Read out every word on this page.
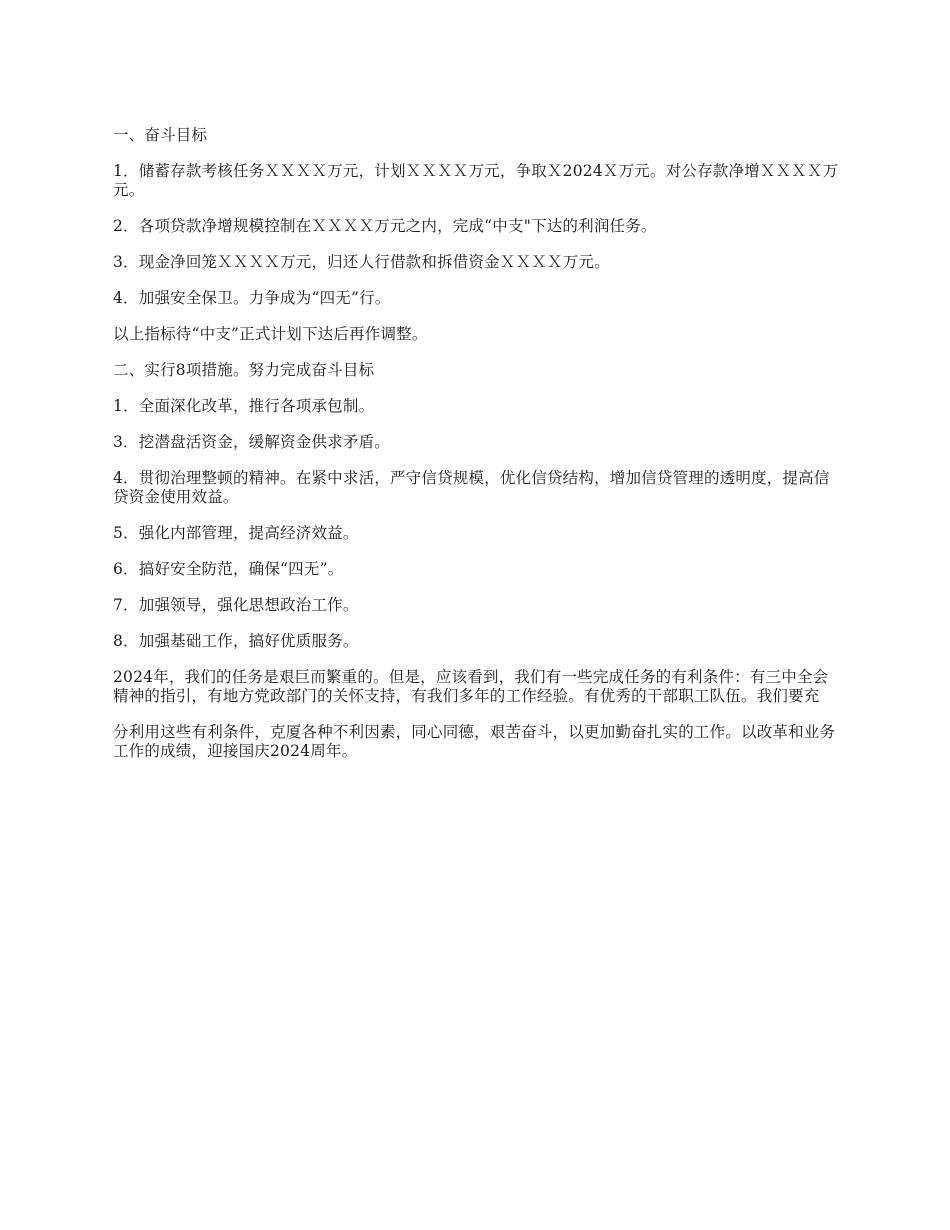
一、奋斗目标

1．储蓄存款考核任务ＸＸＸＸ万元，计划ＸＸＸＸ万元，争取Ｘ2024Ｘ万元。对公存款净增ＸＸＸＸ万元。

2．各项贷款净增规模控制在ＸＸＸＸ万元之内，完成“中支"下达的利润任务。

3．现金净回笼ＸＸＸＸ万元，归还人行借款和拆借资金ＸＸＸＸ万元。

4．加强安全保卫。力争成为“四无”行。

以上指标待“中支”正式计划下达后再作调整。

二、实行8项措施。努力完成奋斗目标

1．全面深化改革，推行各项承包制。

3．挖潜盘活资金，缓解资金供求矛盾。

4．贯彻治理整顿的精神。在紧中求活，严守信贷规模，优化信贷结构，增加信贷管理的透明度，提高信贷资金使用效益。

5．强化内部管理，提高经济效益。

6．搞好安全防范，确保“四无”。

7．加强领导，强化思想政治工作。

8．加强基础工作，搞好优质服务。

2024年，我们的任务是艰巨而繁重的。但是，应该看到，我们有一些完成任务的有利条件：有三中全会精神的指引，有地方党政部门的关怀支持，有我们多年的工作经验。有优秀的干部职工队伍。我们要充

分利用这些有利条件，克厦各种不利因素，同心同德，艰苦奋斗，以更加勤奋扎实的工作。以改革和业务工作的成绩，迎接国庆2024周年。
